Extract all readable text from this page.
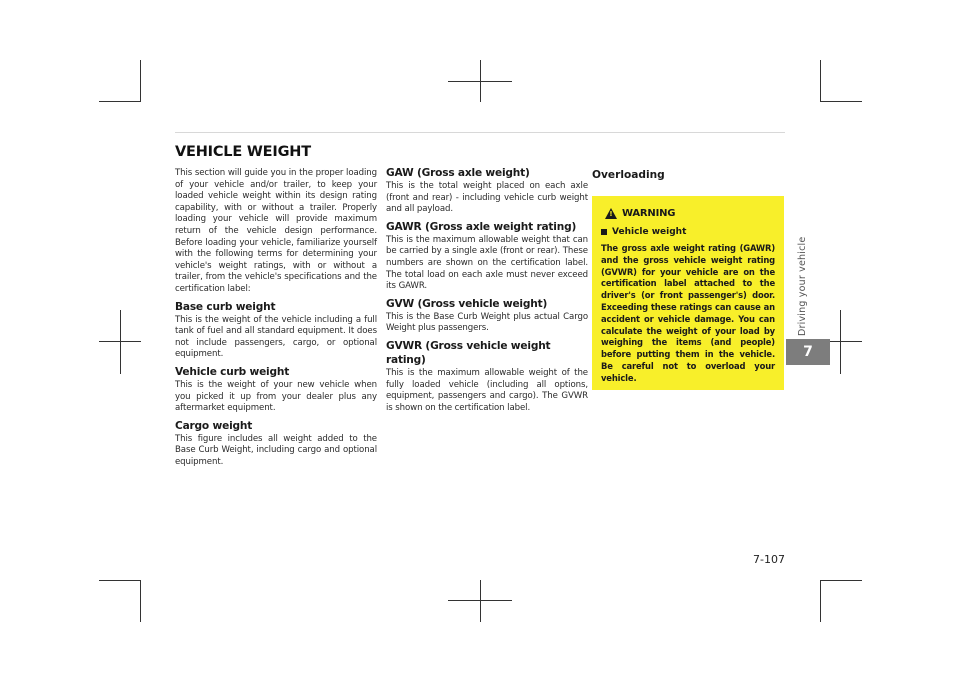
VEHICLE WEIGHT

This section will guide you in the proper loading of your vehicle and/or trailer, to keep your loaded vehicle weight within its design rating capability, with or without a trailer. Properly loading your vehicle will provide maximum return of the vehicle design performance. Before loading your vehicle, familiarize yourself with the following terms for determining your vehicle's weight ratings, with or without a trailer, from the vehicle's specifications and the certification label:

Base curb weight

This is the weight of the vehicle including a full tank of fuel and all standard equipment. It does not include passengers, cargo, or optional equipment.

Vehicle curb weight

This is the weight of your new vehicle when you picked it up from your dealer plus any aftermarket equipment.

Cargo weight

This figure includes all weight added to the Base Curb Weight, including cargo and optional equipment.

GAW (Gross axle weight)

This is the total weight placed on each axle (front and rear) - including vehicle curb weight and all payload.

GAWR (Gross axle weight rating)

This is the maximum allowable weight that can be carried by a single axle (front or rear). These numbers are shown on the certification label. The total load on each axle must never exceed its GAWR.

GVW (Gross vehicle weight)

This is the Base Curb Weight plus actual Cargo Weight plus passengers.

GVWR (Gross vehicle weight rating)

This is the maximum allowable weight of the fully loaded vehicle (including all options, equipment, passengers and cargo). The GVWR is shown on the certification label.

Overloading
! WARNING
Vehicle weight

The gross axle weight rating (GAWR) and the gross vehicle weight rating (GVWR) for your vehicle are on the certification label attached to the driver's (or front passenger's) door. Exceeding these ratings can cause an accident or vehicle damage. You can calculate the weight of your load by weighing the items (and people) before putting them in the vehicle. Be careful not to overload your vehicle.

Driving your vehicle
7
7-107
